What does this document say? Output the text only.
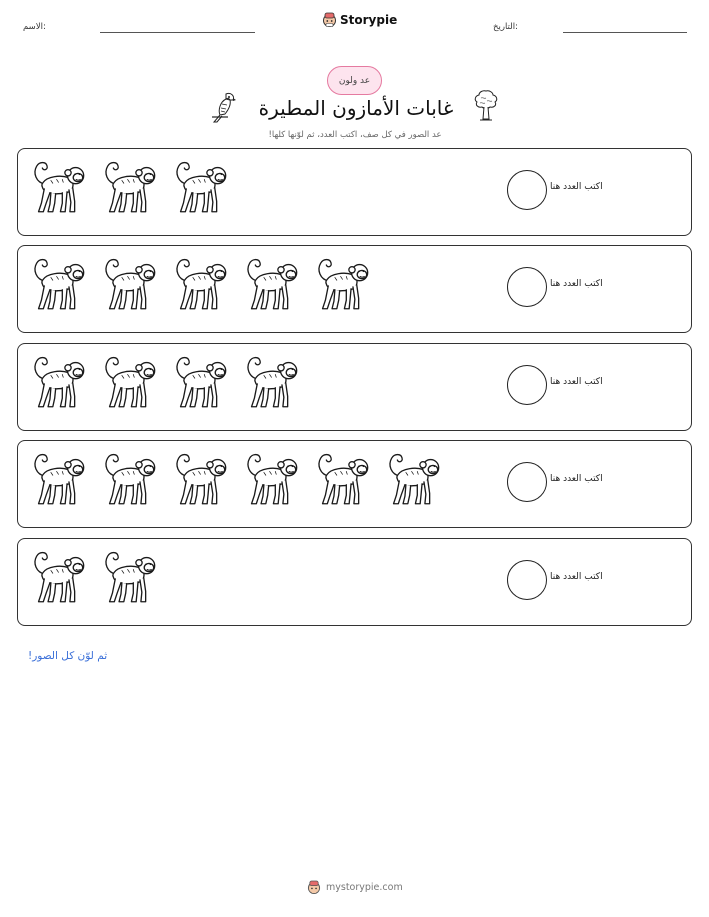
الاسم:	Storypie	التاريخ:
عد ولون
غابات الأمازون المطيرة
عد الصور في كل صف، اكتب العدد، ثم لوّنها كلها!
اكتب العدد هنا
اكتب العدد هنا
اكتب العدد هنا
اكتب العدد هنا
اكتب العدد هنا
ثم لوّن كل الصور!
mystorypie.com
